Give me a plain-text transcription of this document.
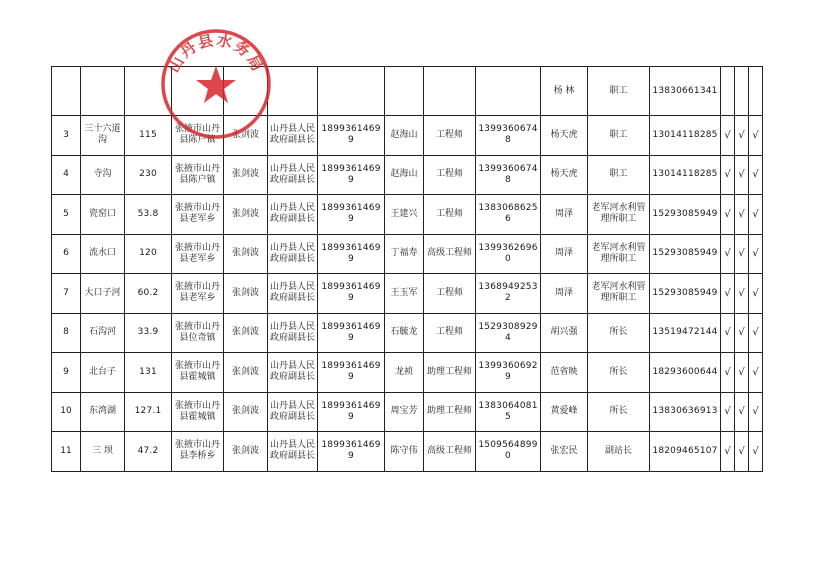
										杨 林	职工	13830661341			
3	三十六道沟	115	张掖市山丹县陈户镇	张剑波	山丹县人民政府副县长	18993614699	赵海山	工程师	13993606748	杨天虎	职工	13014118285	√	√	√
4	寺沟	230	张掖市山丹县陈户镇	张剑波	山丹县人民政府副县长	18993614699	赵海山	工程师	13993606748	杨天虎	职工	13014118285	√	√	√
5	瓷窑口	53.8	张掖市山丹县老军乡	张剑波	山丹县人民政府副县长	18993614699	王建兴	工程师	13830686256	周泽	老军河水利管理所职工	15293085949	√	√	√
6	流水口	120	张掖市山丹县老军乡	张剑波	山丹县人民政府副县长	18993614699	丁福寿	高级工程师	13993626960	周泽	老军河水利管理所职工	15293085949	√	√	√
7	大口子河	60.2	张掖市山丹县老军乡	张剑波	山丹县人民政府副县长	18993614699	王玉军	工程师	13689492532	周泽	老军河水利管理所职工	15293085949	√	√	√
8	石沟河	33.9	张掖市山丹县位奇镇	张剑波	山丹县人民政府副县长	18993614699	石毓龙	工程师	15293089294	胡兴强	所长	13519472144	√	√	√
9	北台子	131	张掖市山丹县霍城镇	张剑波	山丹县人民政府副县长	18993614699	龙祯	助理工程师	13993606929	范省映	所长	18293600644	√	√	√
10	东湾湖	127.1	张掖市山丹县霍城镇	张剑波	山丹县人民政府副县长	18993614699	周宝芳	助理工程师	13830640815	黄爱峰	所长	13830636913	√	√	√
11	三 坝	47.2	张掖市山丹县李桥乡	张剑波	山丹县人民政府副县长	18993614699	陈守伟	高级工程师	15095648990	张宏民	副站长	18209465107	√	√	√
山丹县水务局
